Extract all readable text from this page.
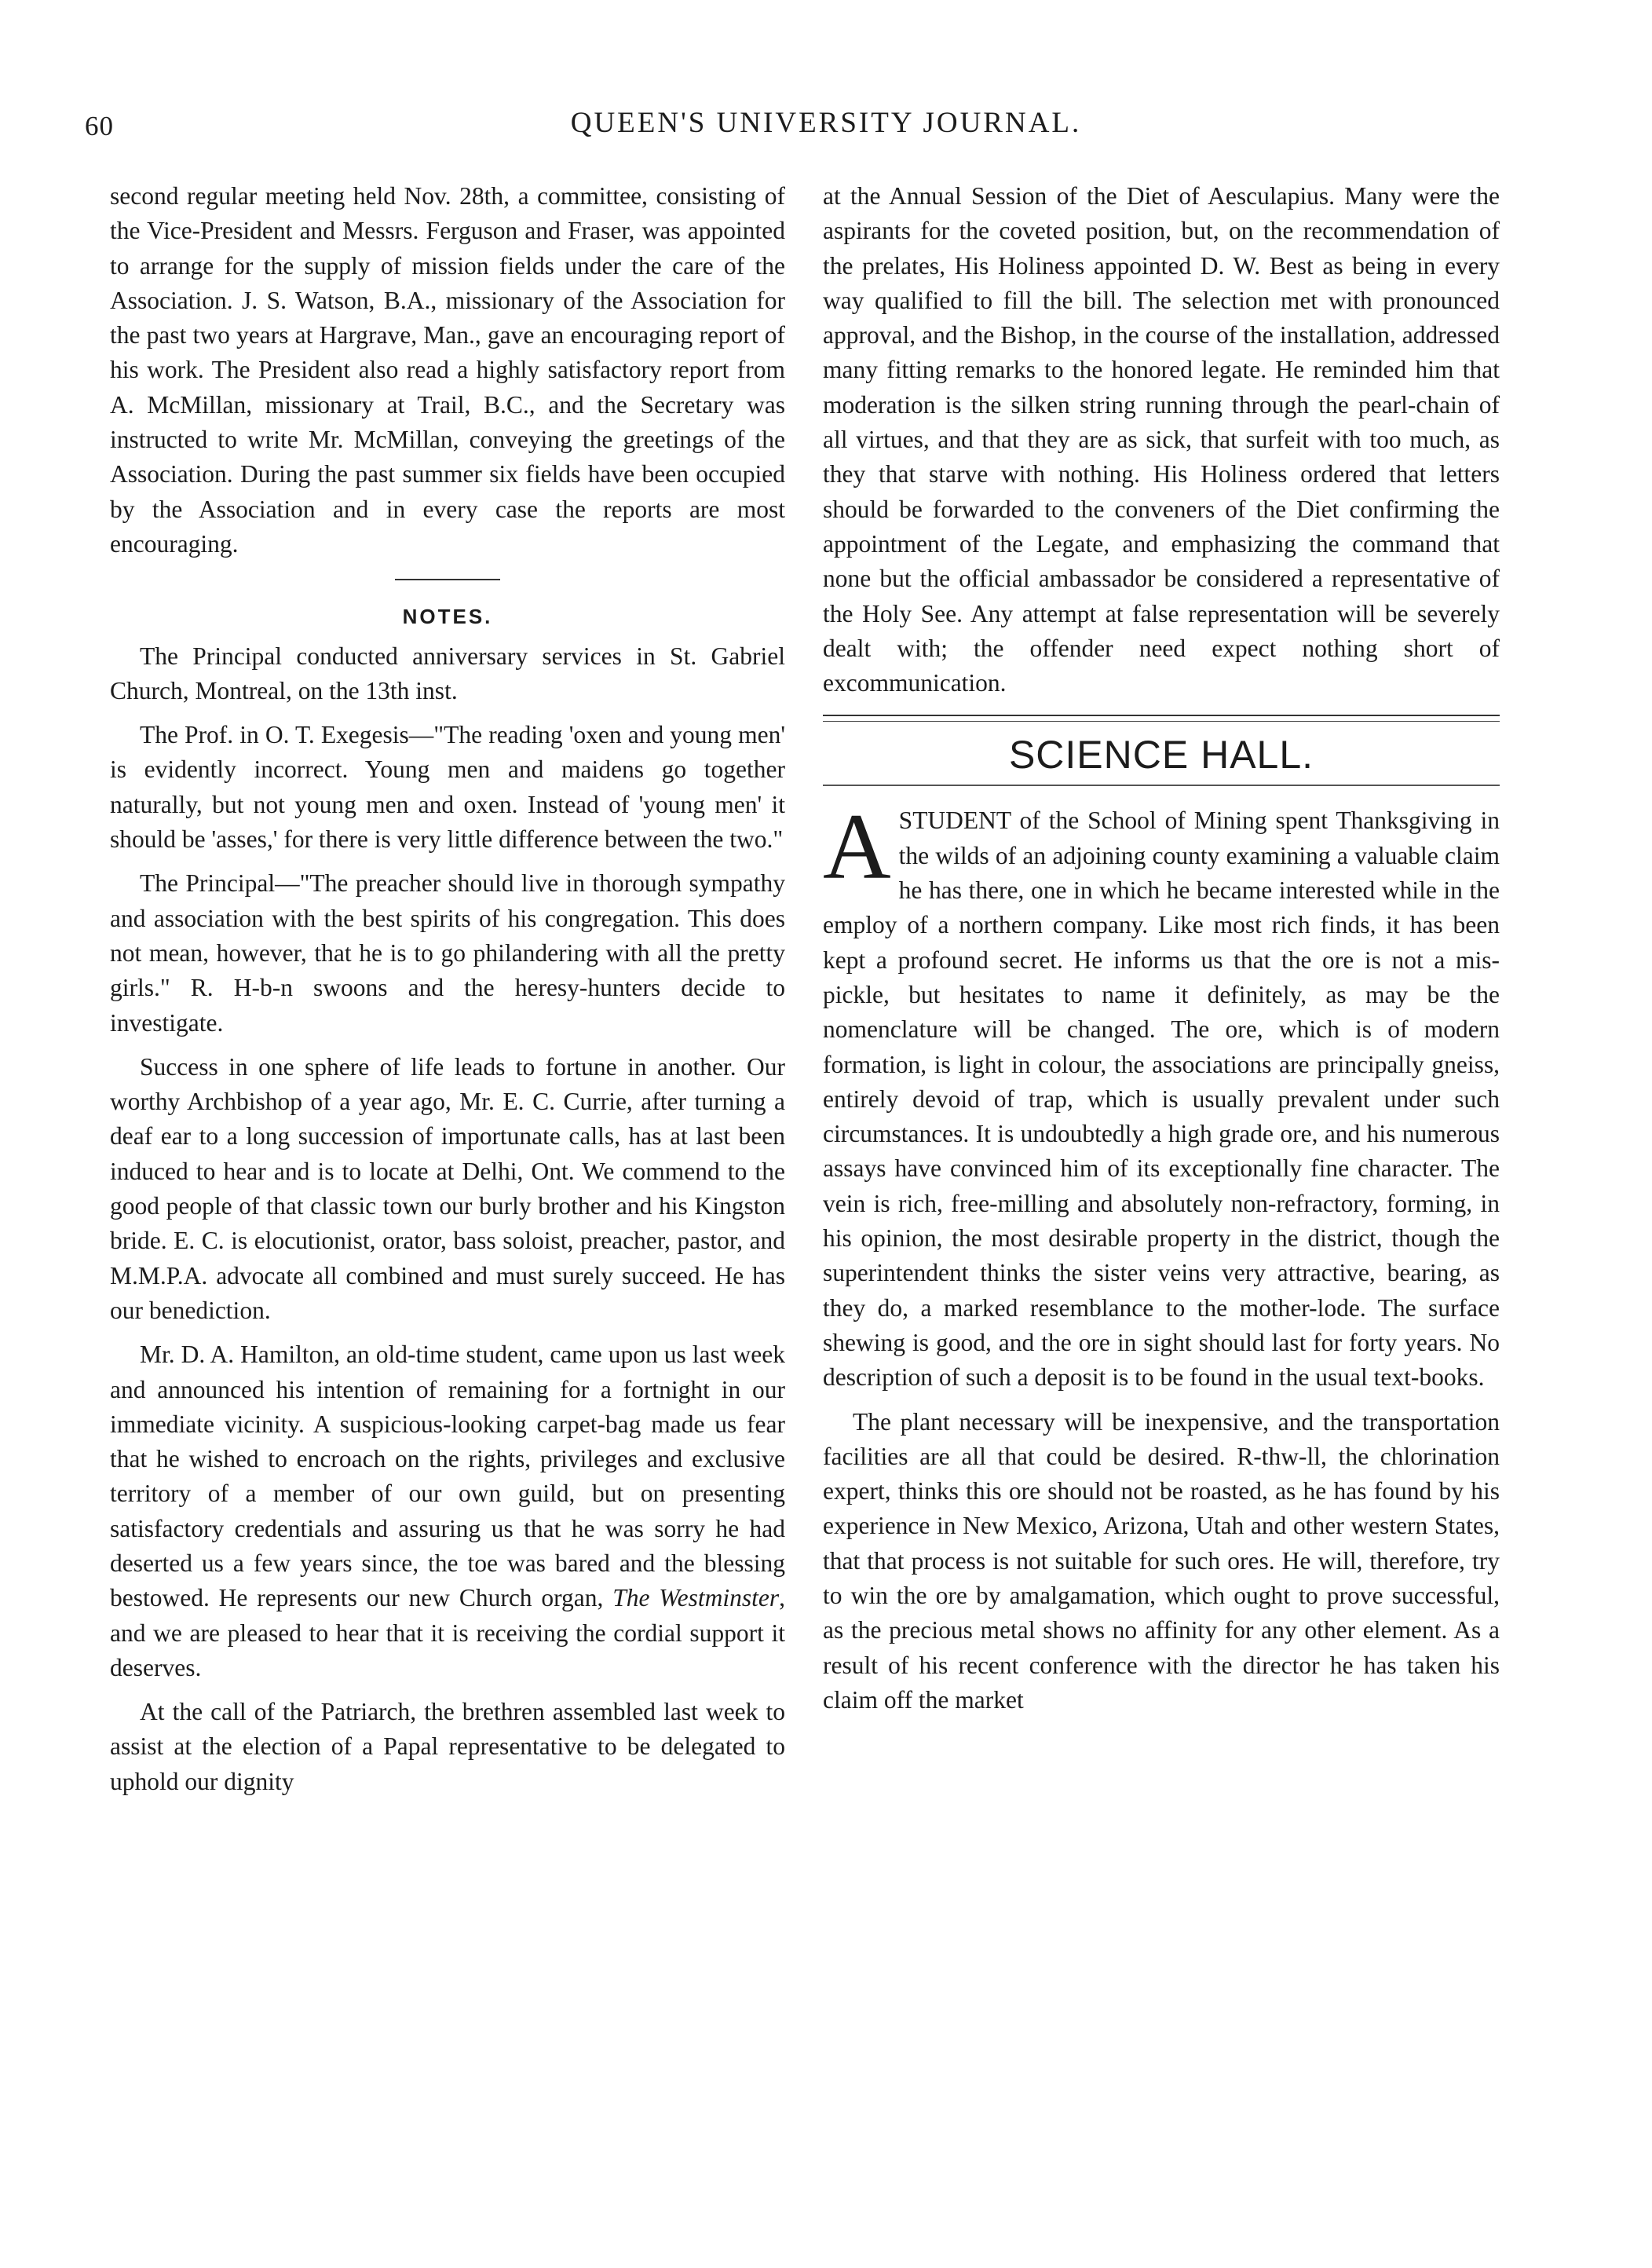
60	QUEEN'S UNIVERSITY JOURNAL.

second regular meeting held Nov. 28th, a committee, consisting of the Vice-President and Messrs. Ferguson and Fraser, was appointed to arrange for the supply of mission fields under the care of the Association. J. S. Watson, B.A., missionary of the Association for the past two years at Hargrave, Man., gave an encouraging report of his work. The President also read a highly satisfactory report from A. McMillan, missionary at Trail, B.C., and the Secretary was instructed to write Mr. McMillan, conveying the greetings of the Association. During the past summer six fields have been occupied by the Association and in every case the reports are most encouraging.

NOTES.

The Principal conducted anniversary services in St. Gabriel Church, Montreal, on the 13th inst.

The Prof. in O. T. Exegesis—"The reading 'oxen and young men' is evidently incorrect. Young men and maidens go together naturally, but not young men and oxen. Instead of 'young men' it should be 'asses,' for there is very little difference between the two."

The Principal—"The preacher should live in thorough sympathy and association with the best spirits of his congregation. This does not mean, however, that he is to go philandering with all the pretty girls." R. H-b-n swoons and the heresy-hunters decide to investigate.

Success in one sphere of life leads to fortune in another. Our worthy Archbishop of a year ago, Mr. E. C. Currie, after turning a deaf ear to a long succession of importunate calls, has at last been induced to hear and is to locate at Delhi, Ont. We commend to the good people of that classic town our burly brother and his Kingston bride. E. C. is elocutionist, orator, bass soloist, preacher, pastor, and M.M.P.A. advocate all combined and must surely succeed. He has our benediction.

Mr. D. A. Hamilton, an old-time student, came upon us last week and announced his intention of remaining for a fortnight in our immediate vicinity. A suspicious-looking carpet-bag made us fear that he wished to encroach on the rights, privileges and exclusive territory of a member of our own guild, but on presenting satisfactory credentials and assuring us that he was sorry he had deserted us a few years since, the toe was bared and the blessing bestowed. He represents our new Church organ, The Westminster, and we are pleased to hear that it is receiving the cordial support it deserves.

At the call of the Patriarch, the brethren assembled last week to assist at the election of a Papal representative to be delegated to uphold our dignity

at the Annual Session of the Diet of Aesculapius. Many were the aspirants for the coveted position, but, on the recommendation of the prelates, His Holiness appointed D. W. Best as being in every way qualified to fill the bill. The selection met with pronounced approval, and the Bishop, in the course of the installation, addressed many fitting remarks to the honored legate. He reminded him that moderation is the silken string running through the pearl-chain of all virtues, and that they are as sick, that surfeit with too much, as they that starve with nothing. His Holiness ordered that letters should be forwarded to the conveners of the Diet confirming the appointment of the Legate, and emphasizing the command that none but the official ambassador be considered a representative of the Holy See. Any attempt at false representation will be severely dealt with; the offender need expect nothing short of excommunication.

SCIENCE HALL.

ASTUDENT of the School of Mining spent Thanksgiving in the wilds of an adjoining county examining a valuable claim he has there, one in which he became interested while in the employ of a northern company. Like most rich finds, it has been kept a profound secret. He informs us that the ore is not a mis-pickle, but hesitates to name it definitely, as may be the nomenclature will be changed. The ore, which is of modern formation, is light in colour, the associations are principally gneiss, entirely devoid of trap, which is usually prevalent under such circumstances. It is undoubtedly a high grade ore, and his numerous assays have convinced him of its exceptionally fine character. The vein is rich, free-milling and absolutely non-refractory, forming, in his opinion, the most desirable property in the district, though the superintendent thinks the sister veins very attractive, bearing, as they do, a marked resemblance to the mother-lode. The surface shewing is good, and the ore in sight should last for forty years. No description of such a deposit is to be found in the usual text-books.

The plant necessary will be inexpensive, and the transportation facilities are all that could be desired. R-thw-ll, the chlorination expert, thinks this ore should not be roasted, as he has found by his experience in New Mexico, Arizona, Utah and other western States, that that process is not suitable for such ores. He will, therefore, try to win the ore by amalgamation, which ought to prove successful, as the precious metal shows no affinity for any other element. As a result of his recent conference with the director he has taken his claim off the market
